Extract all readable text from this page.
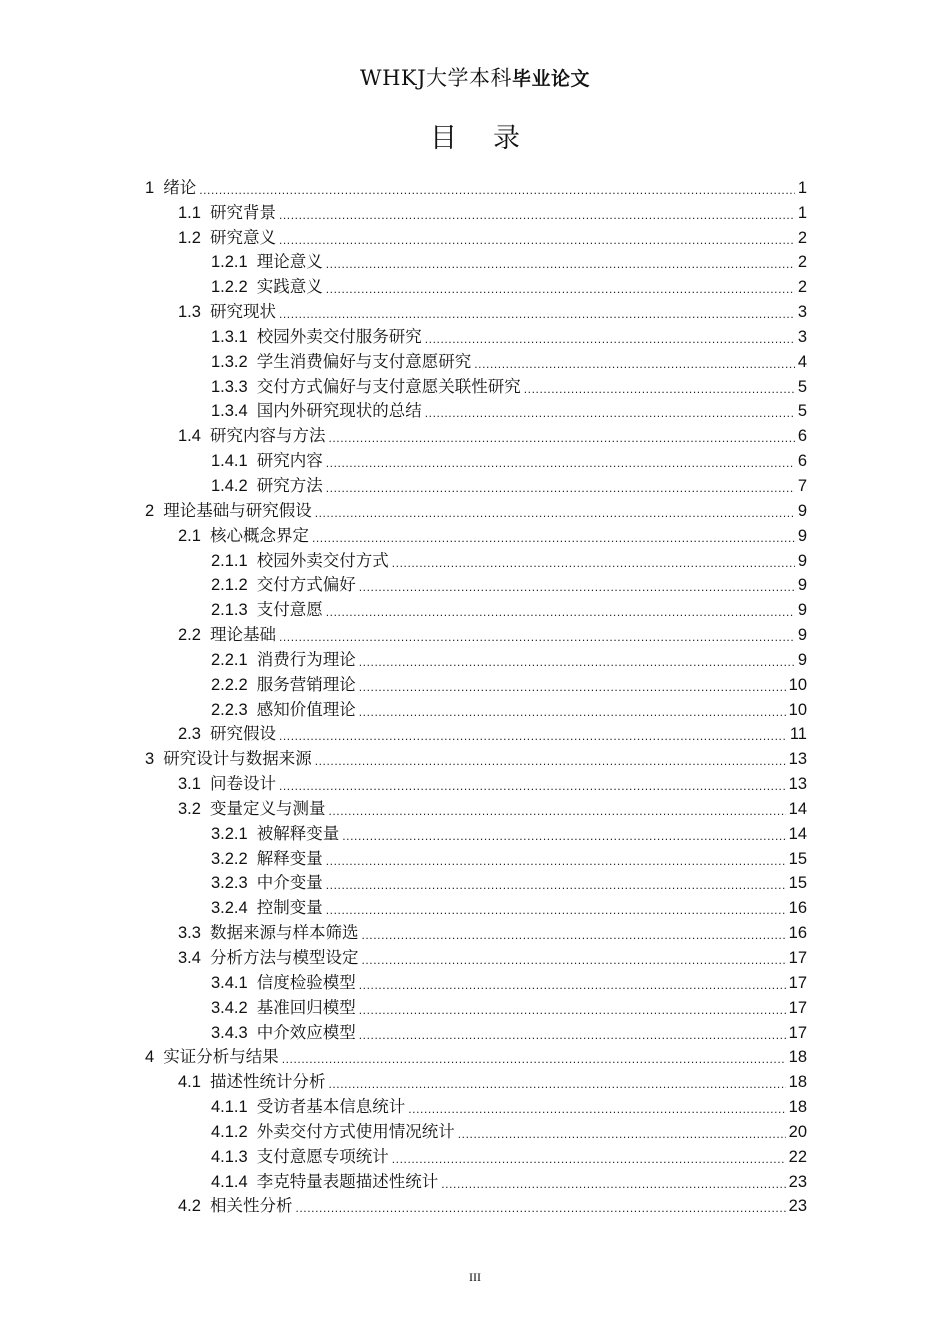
WHKJ大学本科毕业论文
目录
1 绪论 .....	1
1.1 研究背景 .....	1
1.2 研究意义 .....	2
1.2.1 理论意义 .....	2
1.2.2 实践意义 .....	2
1.3 研究现状 .....	3
1.3.1 校园外卖交付服务研究 .....	3
1.3.2 学生消费偏好与支付意愿研究 .....	4
1.3.3 交付方式偏好与支付意愿关联性研究 .....	5
1.3.4 国内外研究现状的总结 .....	5
1.4 研究内容与方法 .....	6
1.4.1 研究内容 .....	6
1.4.2 研究方法 .....	7
2 理论基础与研究假设 .....	9
2.1 核心概念界定 .....	9
2.1.1 校园外卖交付方式 .....	9
2.1.2 交付方式偏好 .....	9
2.1.3 支付意愿 .....	9
2.2 理论基础 .....	9
2.2.1 消费行为理论 .....	9
2.2.2 服务营销理论 .....	10
2.2.3 感知价值理论 .....	10
2.3 研究假设 .....	11
3 研究设计与数据来源 .....	13
3.1 问卷设计 .....	13
3.2 变量定义与测量 .....	14
3.2.1 被解释变量 .....	14
3.2.2 解释变量 .....	15
3.2.3 中介变量 .....	15
3.2.4 控制变量 .....	16
3.3 数据来源与样本筛选 .....	16
3.4 分析方法与模型设定 .....	17
3.4.1 信度检验模型 .....	17
3.4.2 基准回归模型 .....	17
3.4.3 中介效应模型 .....	17
4 实证分析与结果 .....	18
4.1 描述性统计分析 .....	18
4.1.1 受访者基本信息统计 .....	18
4.1.2 外卖交付方式使用情况统计 .....	20
4.1.3 支付意愿专项统计 .....	22
4.1.4 李克特量表题描述性统计 .....	23
4.2 相关性分析 .....	23
III
